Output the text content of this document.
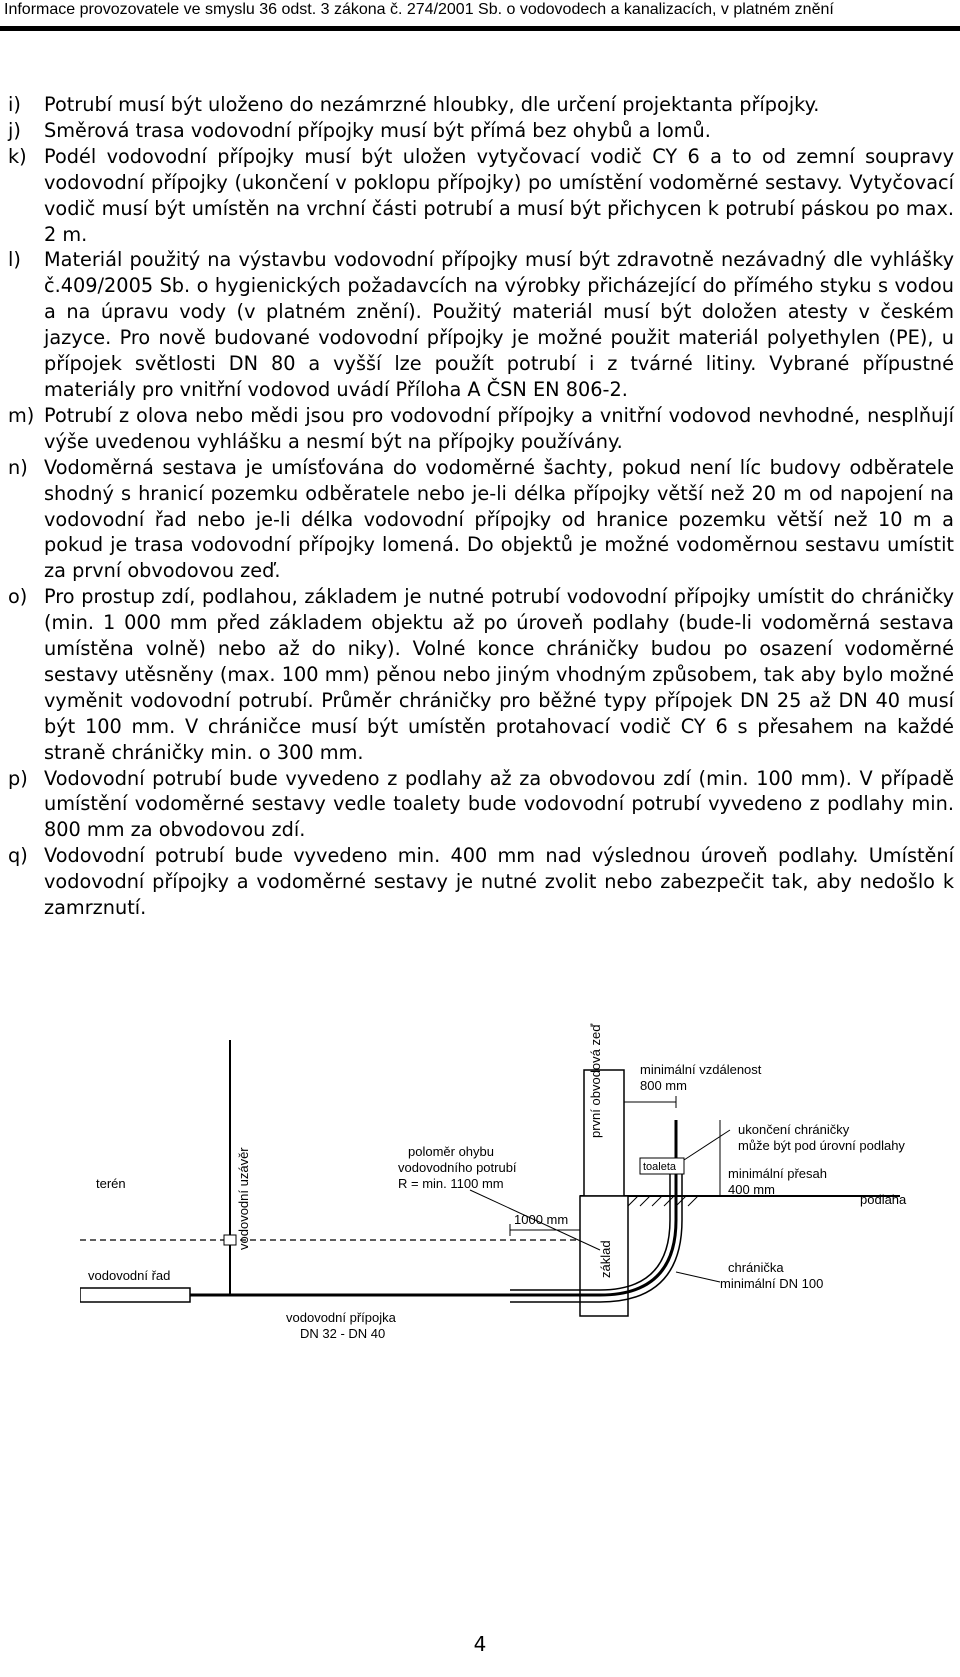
Informace provozovatele ve smyslu 36 odst. 3 zákona č. 274/2001 Sb. o vodovodech a kanalizacích, v platném znění
i) Potrubí musí být uloženo do nezámrzné hloubky, dle určení projektanta přípojky.
j) Směrová trasa vodovodní přípojky musí být přímá bez ohybů a lomů.
k) Podél vodovodní přípojky musí být uložen vytyčovací vodič CY 6 a to od zemní soupravy vodovodní přípojky (ukončení v poklopu přípojky) po umístění vodoměrné sestavy. Vytyčovací vodič musí být umístěn na vrchní části potrubí a musí být přichycen k potrubí páskou po max. 2 m.
l) Materiál použitý na výstavbu vodovodní přípojky musí být zdravotně nezávadný dle vyhlášky č.409/2005 Sb. o hygienických požadavcích na výrobky přicházející do přímého styku s vodou a na úpravu vody (v platném znění). Použitý materiál musí být doložen atesty v českém jazyce. Pro nově budované vodovodní přípojky je možné použit materiál polyethylen (PE), u přípojek světlosti DN 80 a vyšší lze použít potrubí i z tvárné litiny. Vybrané přípustné materiály pro vnitřní vodovod uvádí Příloha A ČSN EN 806-2.
m) Potrubí z olova nebo mědi jsou pro vodovodní přípojky a vnitřní vodovod nevhodné, nesplňují výše uvedenou vyhlášku a nesmí být na přípojky používány.
n) Vodoměrná sestava je umísťována do vodoměrné šachty, pokud není líc budovy odběratele shodný s hranicí pozemku odběratele nebo je-li délka přípojky větší než 20 m od napojení na vodovodní řad nebo je-li délka vodovodní přípojky od hranice pozemku větší než 10 m a pokud je trasa vodovodní přípojky lomená. Do objektů je možné vodoměrnou sestavu umístit za první obvodovou zeď.
o) Pro prostup zdí, podlahou, základem je nutné potrubí vodovodní přípojky umístit do chráničky (min. 1 000 mm před základem objektu až po úroveň podlahy (bude-li vodoměrná sestava umístěna volně) nebo až do niky). Volné konce chráničky budou po osazení vodoměrné sestavy utěsněny (max. 100 mm) pěnou nebo jiným vhodným způsobem, tak aby bylo možné vyměnit vodovodní potrubí. Průměr chráničky pro běžné typy přípojek DN 25 až DN 40 musí být 100 mm. V chráničce musí být umístěn protahovací vodič CY 6 s přesahem na každé straně chráničky min. o 300 mm.
p) Vodovodní potrubí bude vyvedeno z podlahy až za obvodovou zdí (min. 100 mm). V případě umístění vodoměrné sestavy vedle toalety bude vodovodní potrubí vyvedeno z podlahy min. 800 mm za obvodovou zdí.
q) Vodovodní potrubí bude vyvedeno min. 400 mm nad výslednou úroveň podlahy. Umístění vodovodní přípojky a vodoměrné sestavy je nutné zvolit nebo zabezpečit tak, aby nedošlo k zamrznutí.
první obvodová zeď
vodovodní uzávěr
minimální vzdálenost
800 mm
ukončení chráničky
může být pod úrovní podlahy
poloměr ohybu
vodovodního potrubí
R = min. 1100 mm
toaleta	minimální přesah
400 mm
terén
podlaha
1000 mm
základ	chránička
minimální DN 100
vodovodní řad
vodovodní přípojka
DN 32 - DN 40
4
